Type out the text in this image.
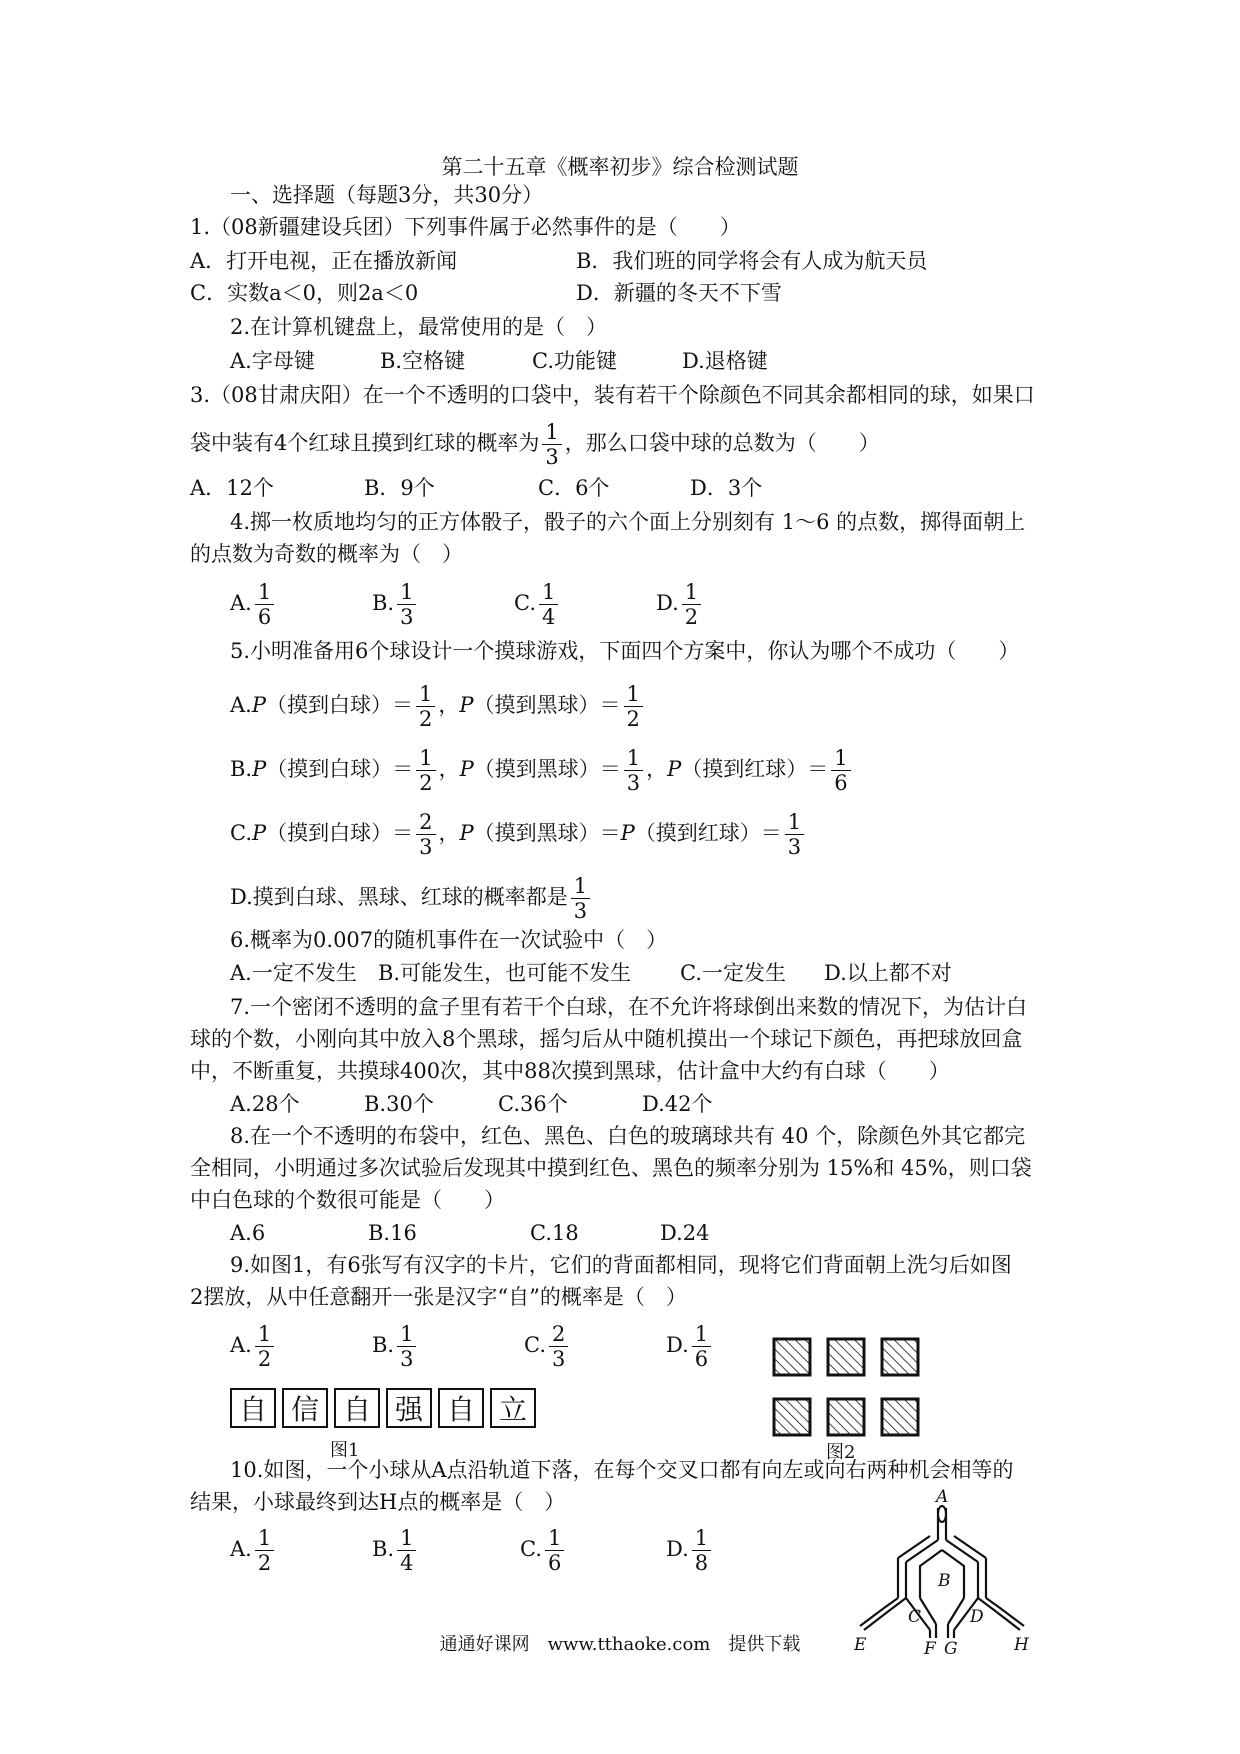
第二十五章《概率初步》综合检测试题
一、选择题（每题3分，共30分）
1.（08新疆建设兵团）下列事件属于必然事件的是（　　）
A．打开电视，正在播放新闻	B．我们班的同学将会有人成为航天员
C．实数a＜0，则2a＜0	D．新疆的冬天不下雪
2.在计算机键盘上，最常使用的是（　）
A.字母键	B.空格键	C.功能键	D.退格键
3.（08甘肃庆阳）在一个不透明的口袋中，装有若干个除颜色不同其余都相同的球，如果口
袋中装有4个红球且摸到红球的概率为 $\frac{1}{3}$ ，那么口袋中球的总数为（　　）
A．12个	B．9个	C．6个	D．3个
4.掷一枚质地均匀的正方体骰子，骰子的六个面上分别刻有 1～6 的点数，掷得面朝上
的点数为奇数的概率为（　）
A. $\frac{1}{6}$	B. $\frac{1}{3}$	C. $\frac{1}{4}$	D. $\frac{1}{2}$
5.小明准备用6个球设计一个摸球游戏，下面四个方案中，你认为哪个不成功（　　）
A.P（摸到白球）＝ $\frac{1}{2}$ ，P（摸到黑球）＝ $\frac{1}{2}$
B.P（摸到白球）＝ $\frac{1}{2}$ ，P（摸到黑球）＝ $\frac{1}{3}$ ，P（摸到红球）＝ $\frac{1}{6}$
C.P（摸到白球）＝ $\frac{2}{3}$ ，P（摸到黑球）＝P（摸到红球）＝ $\frac{1}{3}$
D.摸到白球、黑球、红球的概率都是 $\frac{1}{3}$
6.概率为0.007的随机事件在一次试验中（　）
A.一定不发生 B.可能发生，也可能不发生 C.一定发生 D.以上都不对
7.一个密闭不透明的盒子里有若干个白球，在不允许将球倒出来数的情况下，为估计白
球的个数，小刚向其中放入8个黑球，摇匀后从中随机摸出一个球记下颜色，再把球放回盒
中，不断重复，共摸球400次，其中88次摸到黑球，估计盒中大约有白球（　　）
A.28个	B.30个	C.36个	D.42个
8.在一个不透明的布袋中，红色、黑色、白色的玻璃球共有 40 个，除颜色外其它都完
全相同，小明通过多次试验后发现其中摸到红色、黑色的频率分别为 15%和 45%，则口袋
中白色球的个数很可能是（　　）
A.6	B.16	C.18	D.24
9.如图1，有6张写有汉字的卡片，它们的背面都相同，现将它们背面朝上洗匀后如图
2摆放，从中任意翻开一张是汉字“自”的概率是（　）
A. $\frac{1}{2}$	B. $\frac{1}{3}$	C. $\frac{2}{3}$	D. $\frac{1}{6}$
自 信 自 强 自 立
图1	图2
10.如图，一个小球从A点沿轨道下落，在每个交叉口都有向左或向右两种机会相等的
结果，小球最终到达H点的概率是（　）
A. $\frac{1}{2}$	B. $\frac{1}{4}$	C. $\frac{1}{6}$	D. $\frac{1}{8}$
A
B
C	D
E	F G	H
通通好课网　www.tthaoke.com　提供下载
